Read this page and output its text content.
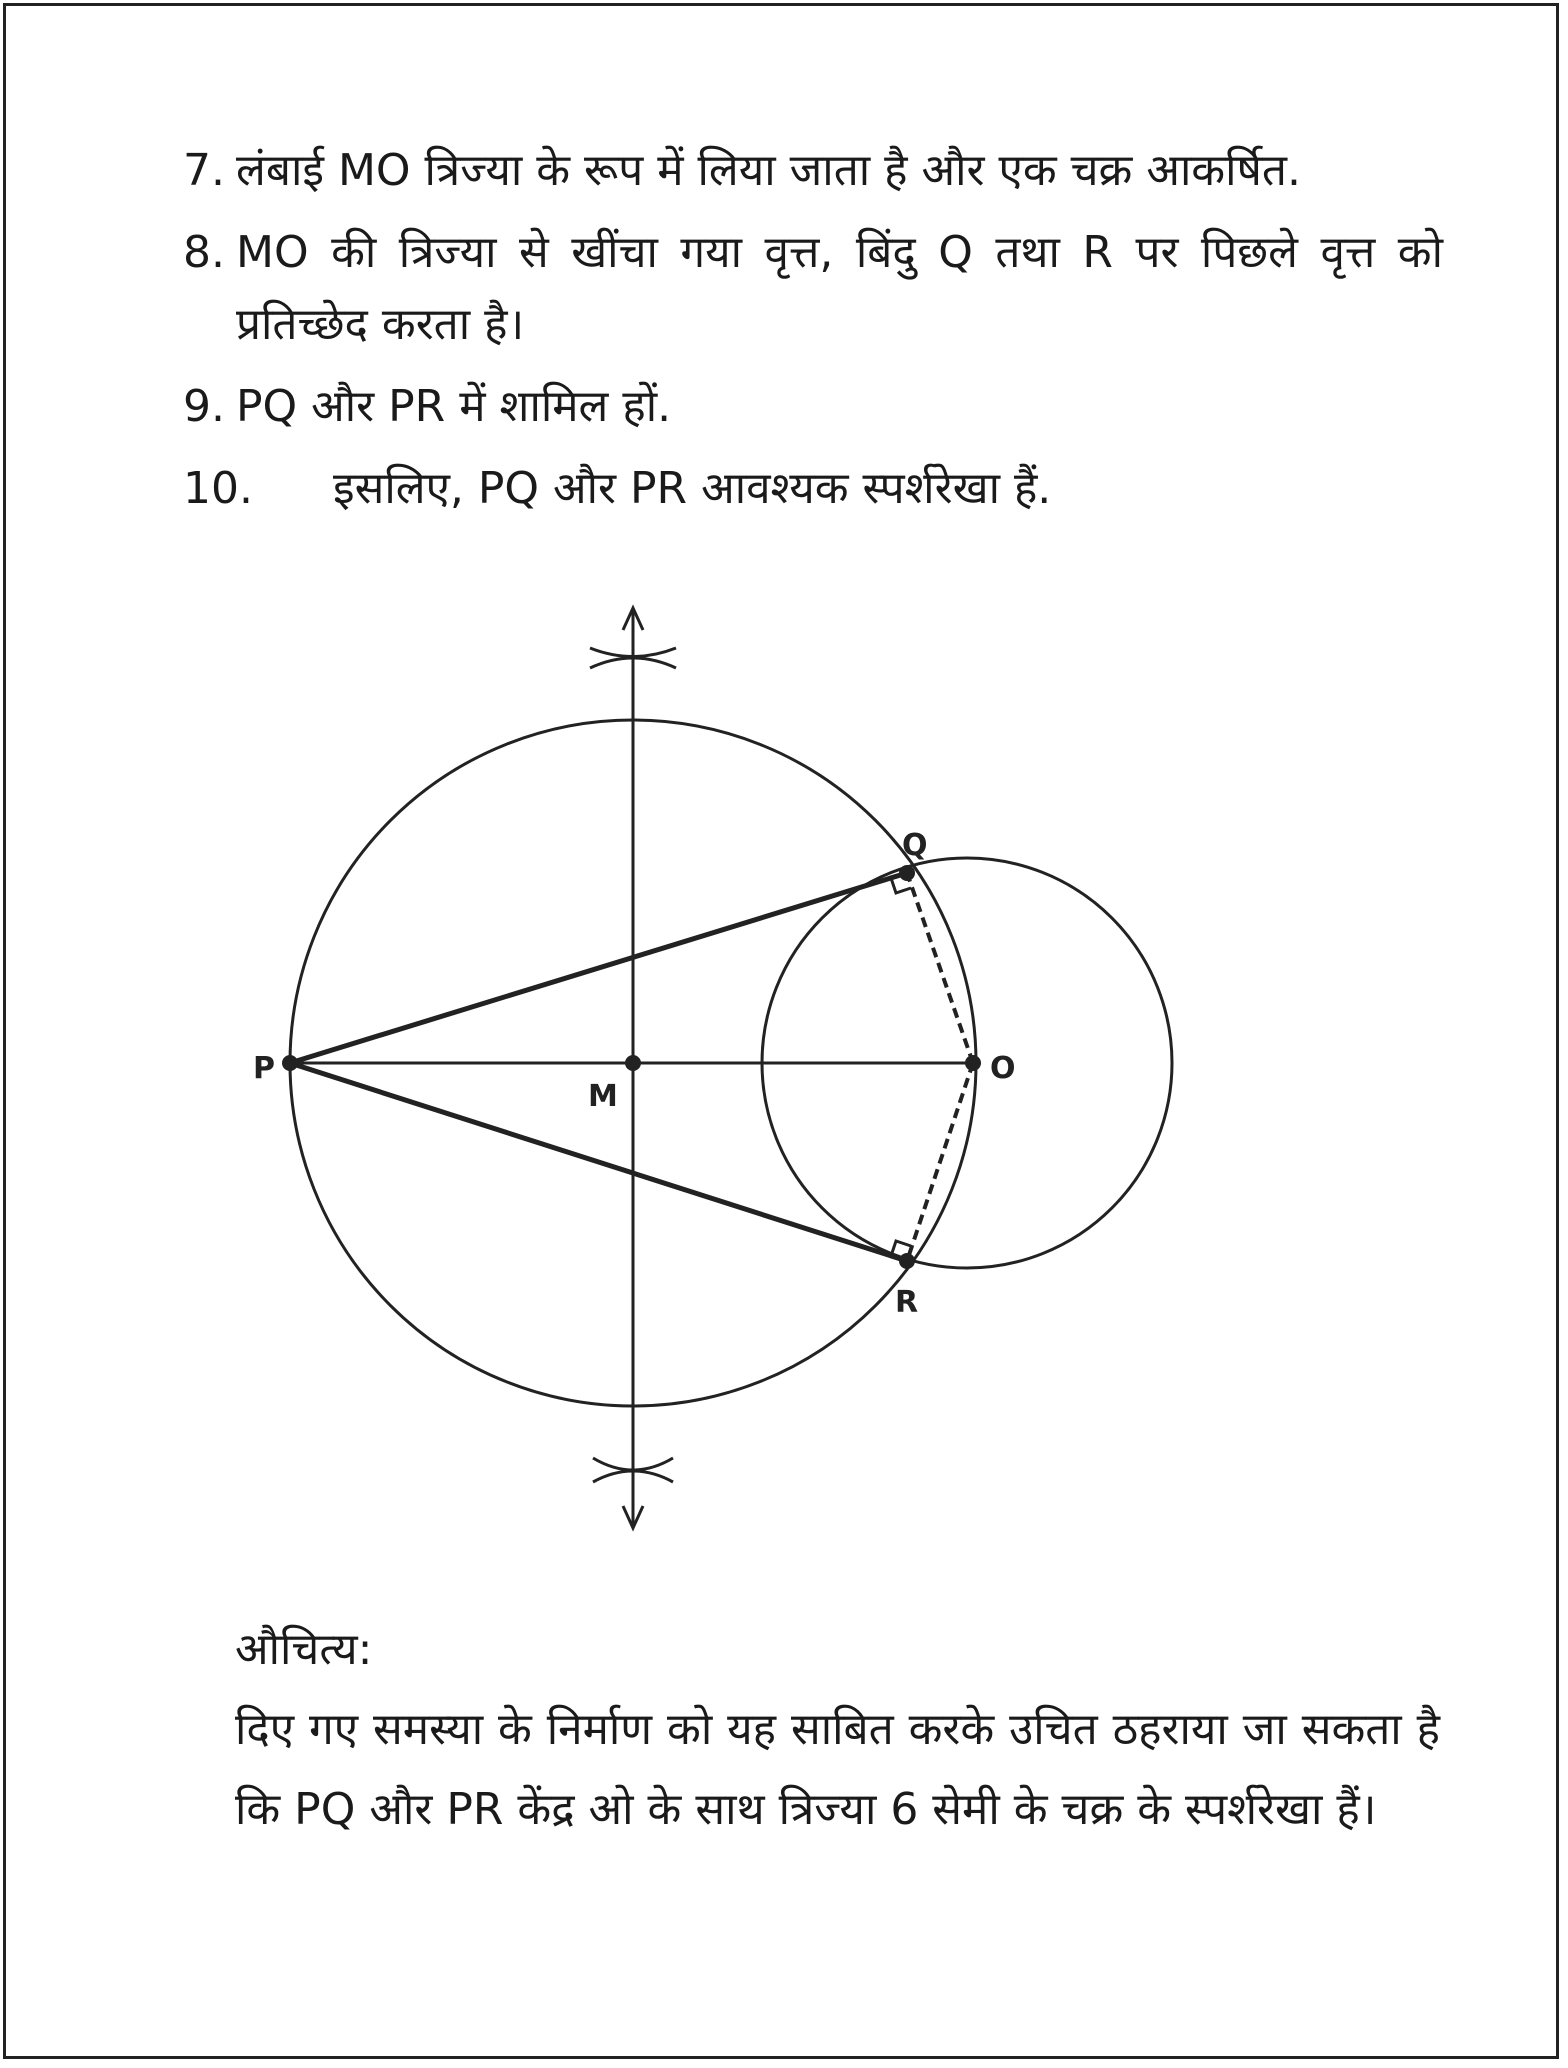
7. लंबाई MO त्रिज्या के रूप में लिया जाता है और एक चक्र आकर्षित.
8. MO की त्रिज्या से खींचा गया वृत्त, बिंदु Q तथा R पर पिछले वृत्त को प्रतिच्छेद करता है।
9. PQ और PR में शामिल हों.
10. इसलिए, PQ और PR आवश्यक स्पर्शरेखा हैं.
P
M
O
Q
R
औचित्य:
दिए गए समस्या के निर्माण को यह साबित करके उचित ठहराया जा सकता है कि PQ और PR केंद्र ओ के साथ त्रिज्या 6 सेमी के चक्र के स्पर्शरेखा हैं।
